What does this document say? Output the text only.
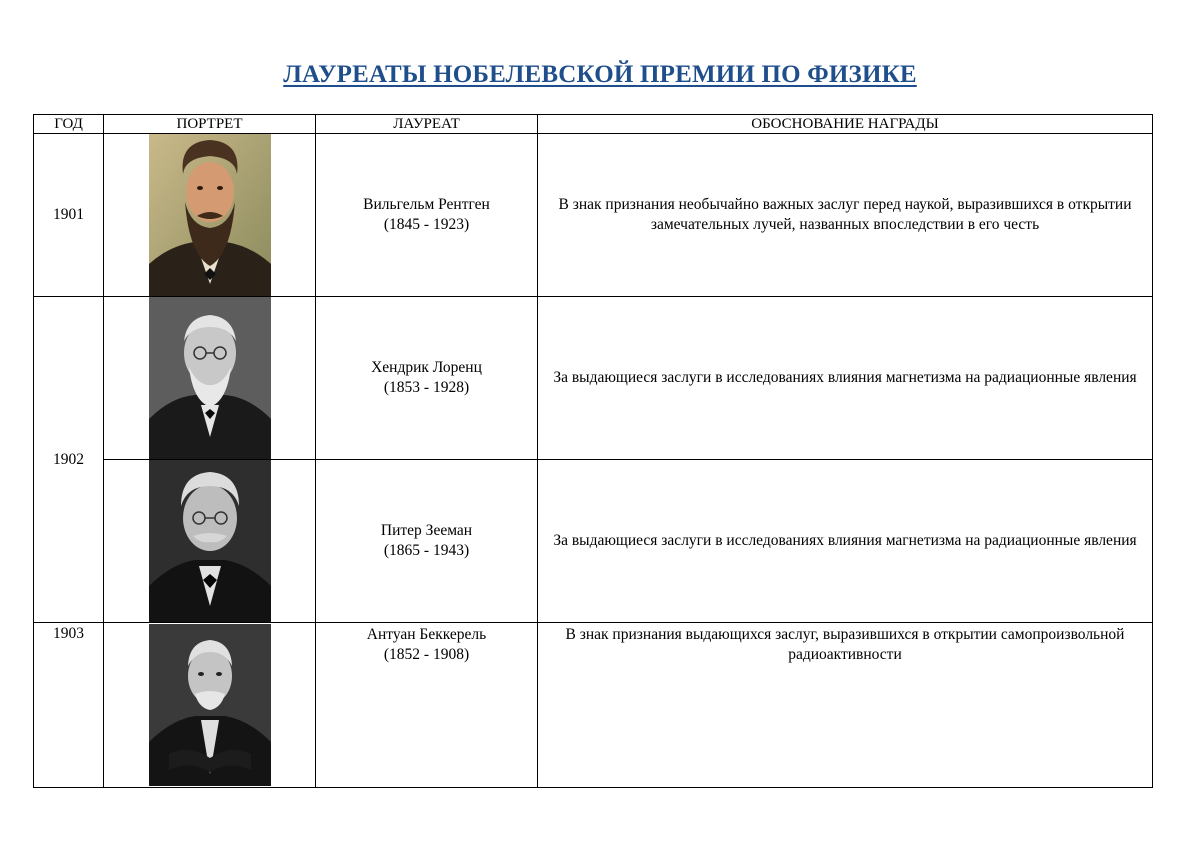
ЛАУРЕАТЫ НОБЕЛЕВСКОЙ ПРЕМИИ ПО ФИЗИКЕ
ГОД	ПОРТРЕТ	ЛАУРЕАТ	ОБОСНОВАНИЕ НАГРАДЫ
1901		Вильгельм Рентген
(1845 - 1923)	В знак признания необычайно важных заслуг перед наукой, выразившихся в открытии замечательных лучей, названных впоследствии в его честь
1902		Хендрик Лоренц
(1853 - 1928)	За выдающиеся заслуги в исследованиях влияния магнетизма на радиационные явления

Питер Зееман
(1865 - 1943)	За выдающиеся заслуги в исследованиях влияния магнетизма на радиационные явления
1903		Антуан Беккерель
(1852 - 1908)	В знак признания выдающихся заслуг, выразившихся в открытии самопроизвольной радиоактивности
